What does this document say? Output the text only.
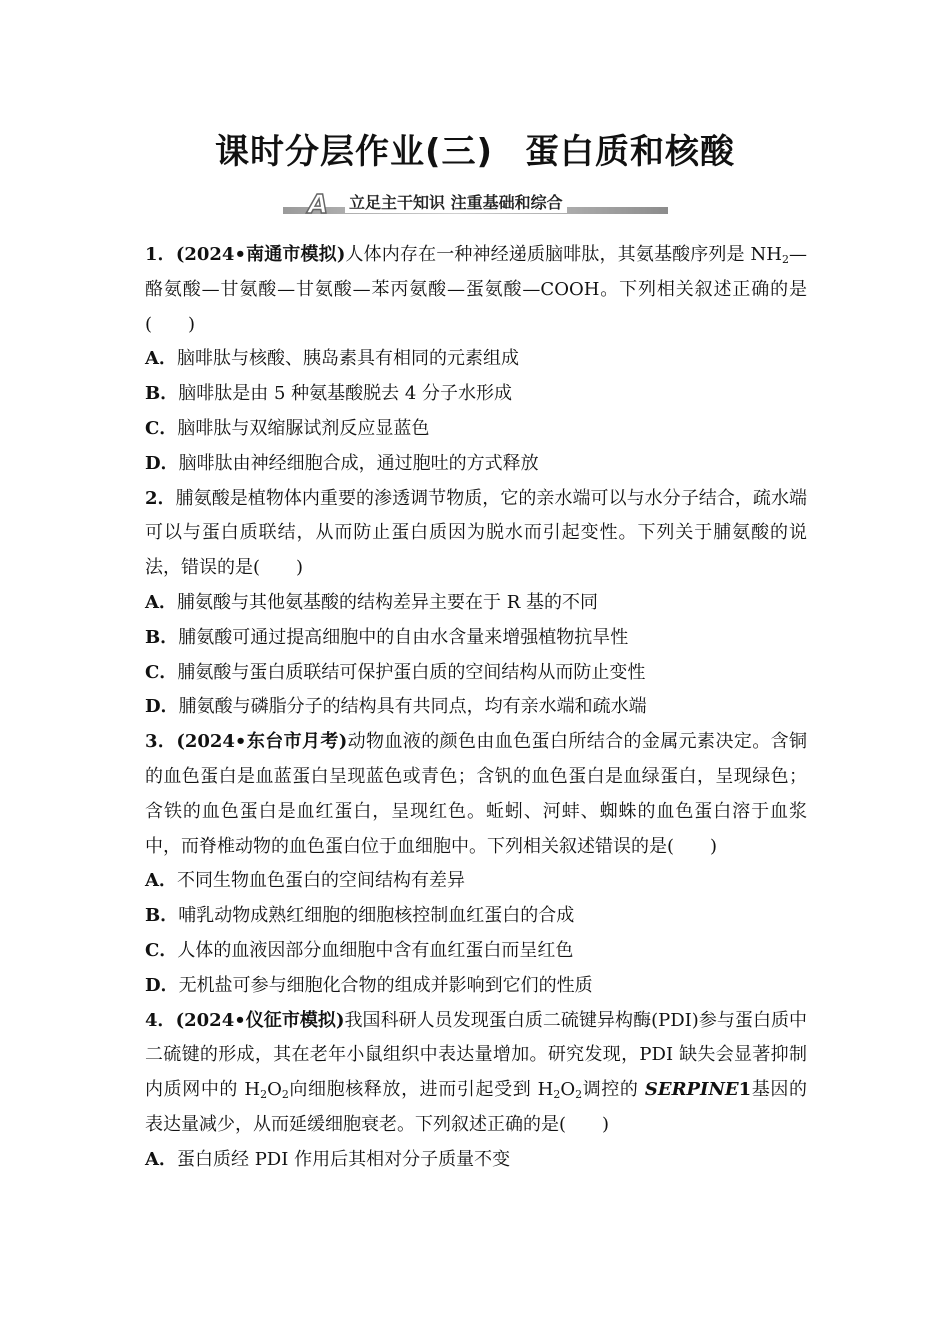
课时分层作业(三) 蛋白质和核酸
A 立足主干知识 注重基础和综合

1．(2024•南通市模拟)人体内存在一种神经递质脑啡肽，其氨基酸序列是 $NH_2—$酪氨酸—甘氨酸—甘氨酸—苯丙氨酸—蛋氨酸—COOH。下列相关叙述正确的是(　　)

A．脑啡肽与核酸、胰岛素具有相同的元素组成

B．脑啡肽是由 5 种氨基酸脱去 4 分子水形成

C．脑啡肽与双缩脲试剂反应显蓝色

D．脑啡肽由神经细胞合成，通过胞吐的方式释放

2．脯氨酸是植物体内重要的渗透调节物质，它的亲水端可以与水分子结合，疏水端可以与蛋白质联结，从而防止蛋白质因为脱水而引起变性。下列关于脯氨酸的说法，错误的是(　　)

A．脯氨酸与其他氨基酸的结构差异主要在于 R 基的不同

B．脯氨酸可通过提高细胞中的自由水含量来增强植物抗旱性

C．脯氨酸与蛋白质联结可保护蛋白质的空间结构从而防止变性

D．脯氨酸与磷脂分子的结构具有共同点，均有亲水端和疏水端

3．(2024•东台市月考)动物血液的颜色由血色蛋白所结合的金属元素决定。含铜的血色蛋白是血蓝蛋白呈现蓝色或青色；含钒的血色蛋白是血绿蛋白，呈现绿色；含铁的血色蛋白是血红蛋白，呈现红色。蚯蚓、河蚌、蜘蛛的血色蛋白溶于血浆中，而脊椎动物的血色蛋白位于血细胞中。下列相关叙述错误的是(　　)

A．不同生物血色蛋白的空间结构有差异

B．哺乳动物成熟红细胞的细胞核控制血红蛋白的合成

C．人体的血液因部分血细胞中含有血红蛋白而呈红色

D．无机盐可参与细胞化合物的组成并影响到它们的性质

4．(2024•仪征市模拟)我国科研人员发现蛋白质二硫键异构酶(PDI)参与蛋白质中二硫键的形成，其在老年小鼠组织中表达量增加。研究发现，PDI 缺失会显著抑制内质网中的 $H_2O_2$向细胞核释放，进而引起受到 $H_2O_2$调控的 SERPINE1基因的表达量减少，从而延缓细胞衰老。下列叙述正确的是(　　)

A．蛋白质经 PDI 作用后其相对分子质量不变
